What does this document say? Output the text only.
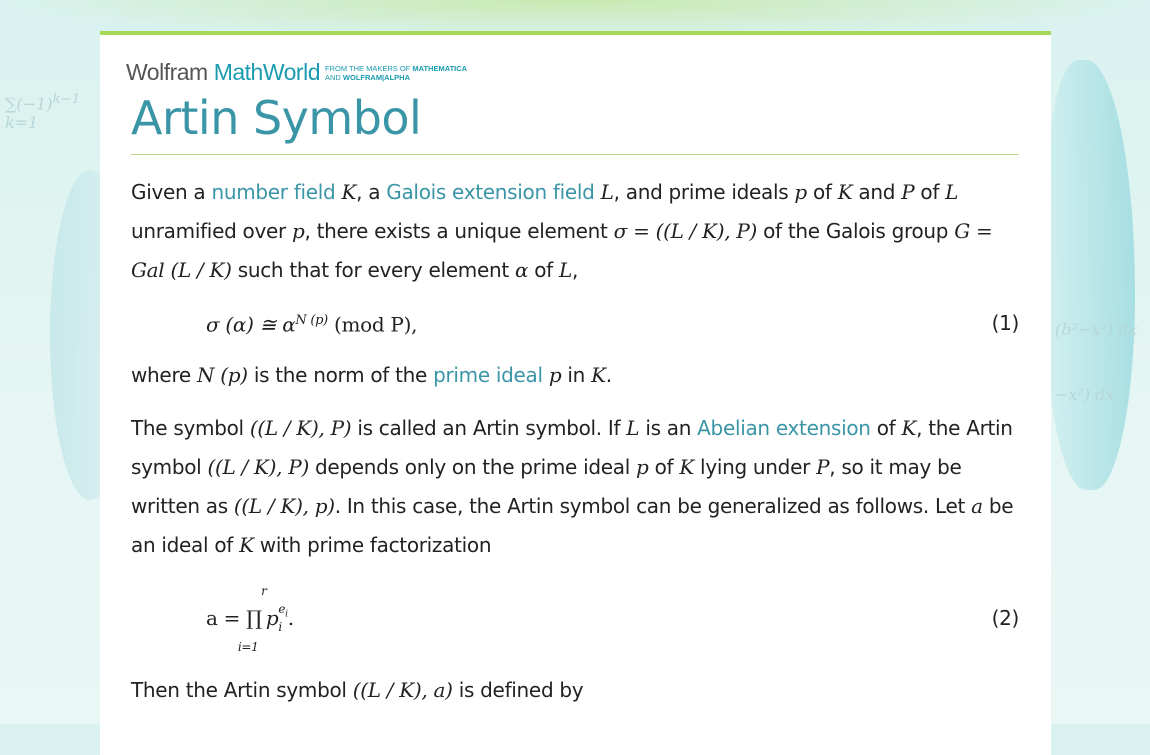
$\sum(-1)^{k-1}$
k=1
(b²−x²) dx
−x²) dx
Wolfram MathWorld FROM THE MAKERS OF MATHEMATICA
AND WOLFRAM|ALPHA
Artin Symbol

Given a number field K, a Galois extension field L, and prime ideals p of K and P of L unramified over p, there exists a unique element σ = ((L / K), P) of the Galois group G = Gal (L / K) such that for every element α of L,

σ (α) ≅ $\alpha^{N (p)}$ (mod P),	(1)

where N (p) is the norm of the prime ideal p in K.

The symbol ((L / K), P) is called an Artin symbol. If L is an Abelian extension of K, the Artin symbol ((L / K), P) depends only on the prime ideal p of K lying under P, so it may be written as ((L / K), p). In this case, the Artin symbol can be generalized as follows. Let a be an ideal of K with prime factorization

a = ∏
r
i=1
p $e_i$
i .	(2)

Then the Artin symbol ((L / K), a) is defined by
